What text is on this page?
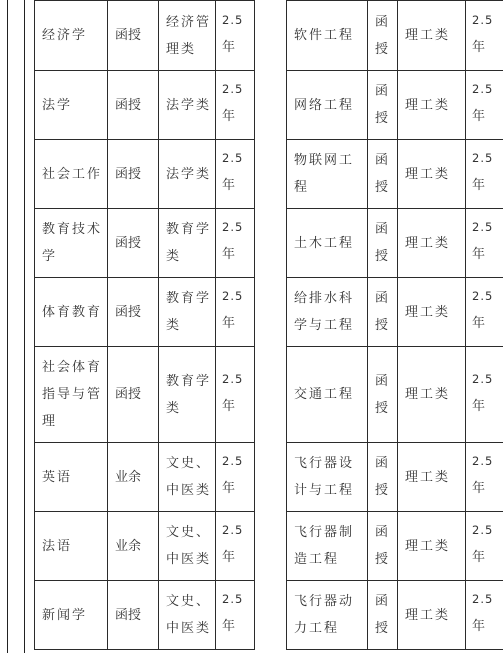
经济学	函授	经济管理类	2.5
年

法学	函授	法学类	2.5
年

社会工作	函授	法学类	2.5
年

教育技术学	函授	教育学类	2.5
年

体育教育	函授	教育学类	2.5
年

社会体育指导与管理	函授	教育学类	2.5
年

英语	业余	文史、中医类	2.5
年

法语	业余	文史、中医类	2.5
年

新闻学	函授	文史、中医类	2.5
年
软件工程	函授	理工类	2.5
年

网络工程	函授	理工类	2.5
年

物联网工程	函授	理工类	2.5
年

土木工程	函授	理工类	2.5
年

给排水科学与工程	函授	理工类	2.5
年

交通工程	函授	理工类	2.5
年

飞行器设计与工程	函授	理工类	2.5
年

飞行器制造工程	函授	理工类	2.5
年

飞行器动力工程	函授	理工类	2.5
年
